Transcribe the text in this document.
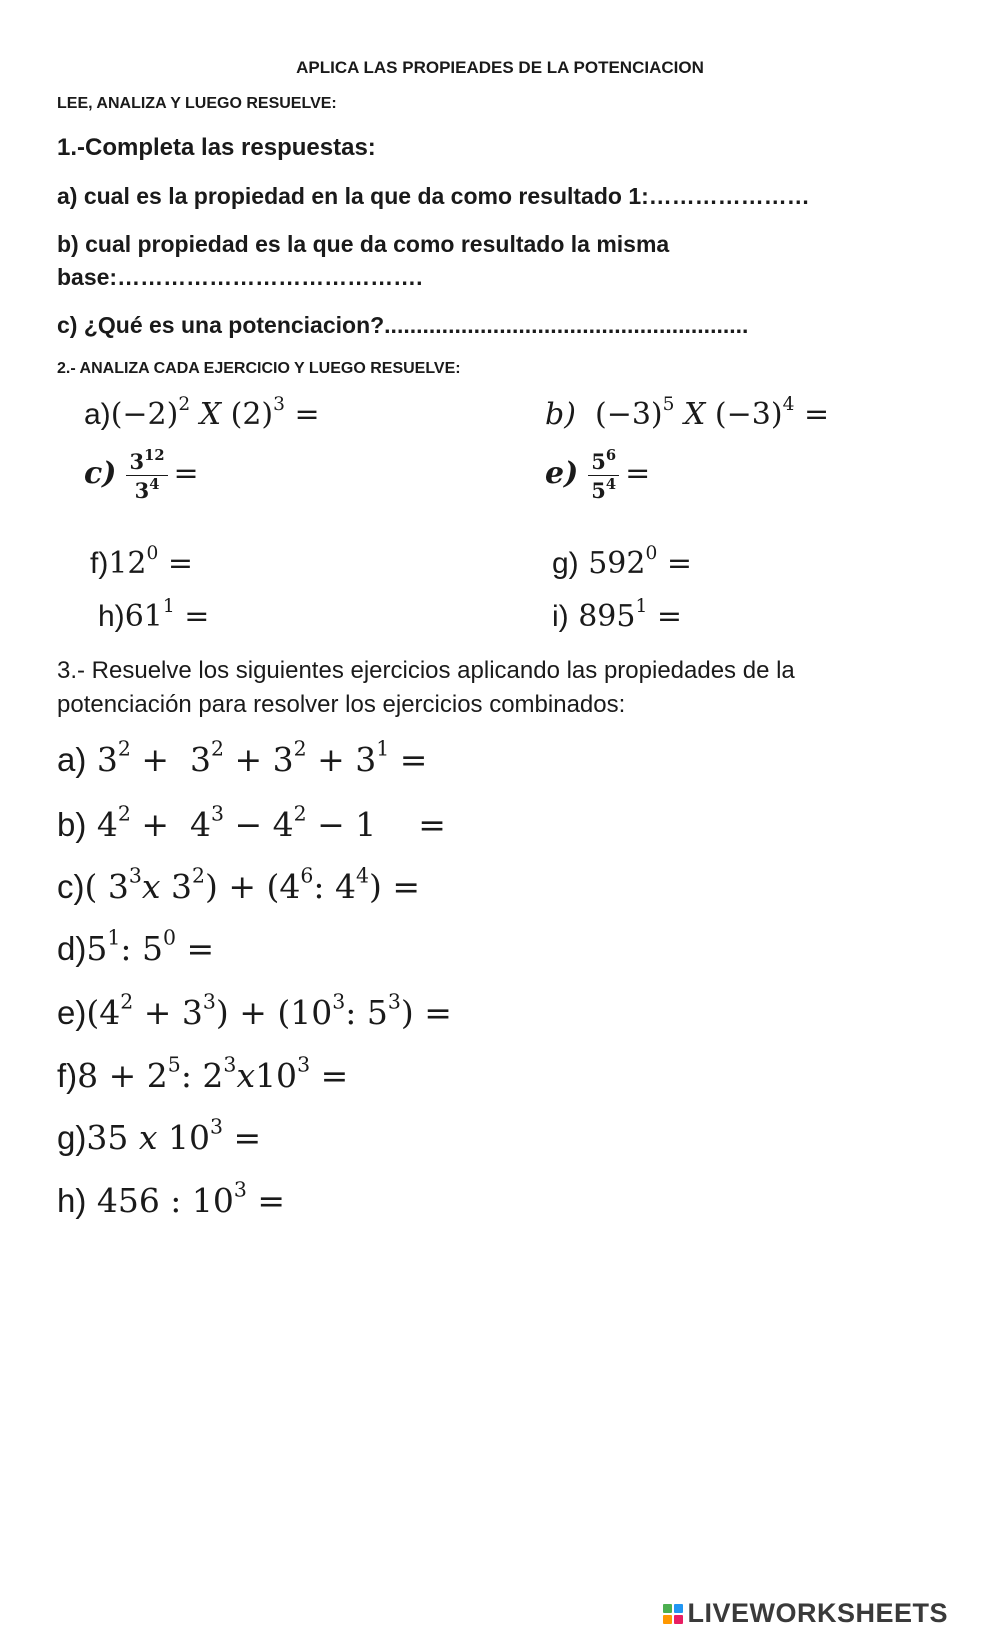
APLICA LAS PROPIEADES DE LA POTENCIACION
LEE, ANALIZA Y LUEGO RESUELVE:
1.-Completa las respuestas:
a) cual es la propiedad en la que da como resultado 1:…………………
b) cual propiedad es la que da como resultado la misma
base:………………………………….
c) ¿Qué es una potenciacion?.........................................................
2.- ANALIZA CADA EJERCICIO Y LUEGO RESUELVE:
$a)(-2)^2$ X $(2)^3$ =	b)  $(-3)^5$ X $(-3)^4$ =
$c) \frac{3^{12}}{3^4}$ =	$e) \frac{5^6}{5^4}$ =
$f)12^0$ =	g) $592^0$ =
$h)61^1$ =	i) $895^1$ =
3.- Resuelve los siguientes ejercicios aplicando las propiedades de la
potenciación para resolver los ejercicios combinados:
a) $3^2 + 3^2 + 3^2 + 3^1$ =
b) $4^2 + 4^3 - 4^2 - 1$    =
c)( $3^3x$ $3^2) + (4^6$: $4^4$) =
$d)5^1$: $5^0$ =
$e)(4^2 + 3^3) + (10^3$: $5^3$) =
$f)8 + 2^5$: $2^3x10^3$ =
g)35 x $10^3$ =
h) 456 : $10^3$ =
LIVEWORKSHEETS
